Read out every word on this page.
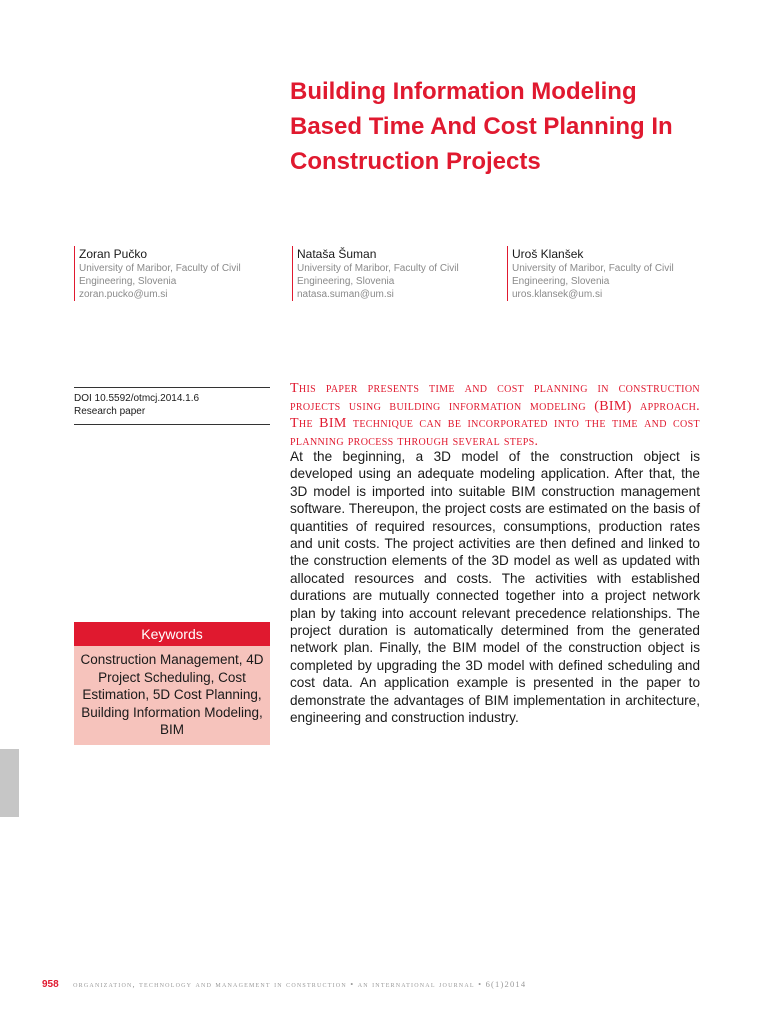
Building Information Modeling
Based Time And Cost Planning In
Construction Projects
Zoran Pučko
University of Maribor, Faculty of Civil
Engineering, Slovenia
zoran.pucko@um.si
Nataša Šuman
University of Maribor, Faculty of Civil
Engineering, Slovenia
natasa.suman@um.si
Uroš Klanšek
University of Maribor, Faculty of Civil
Engineering, Slovenia
uros.klansek@um.si
DOI 10.5592/otmcj.2014.1.6
Research paper

This paper presents time and cost planning in construction projects using building information modeling (BIM) approach. The BIM technique can be incorporated into the time and cost planning process through several steps.

At the beginning, a 3D model of the construction object is developed using an adequate modeling application. After that, the 3D model is imported into suitable BIM construction management software. Thereupon, the project costs are estimated on the basis of quantities of required resources, consumptions, production rates and unit costs. The project activities are then defined and linked to the construction elements of the 3D model as well as updated with allocated resources and costs. The activities with established durations are mutually connected together into a project network plan by taking into account relevant precedence relationships. The project duration is automatically determined from the generated network plan. Finally, the BIM model of the construction object is completed by upgrading the 3D model with defined scheduling and cost data. An application example is presented in the paper to demonstrate the advantages of BIM implementation in architecture, engineering and construction industry.

Keywords
Construction Management, 4D Project Scheduling, Cost Estimation, 5D Cost Planning, Building Information Modeling, BIM
958 organization, technology and management in construction • an international journal • 6(1)2014
